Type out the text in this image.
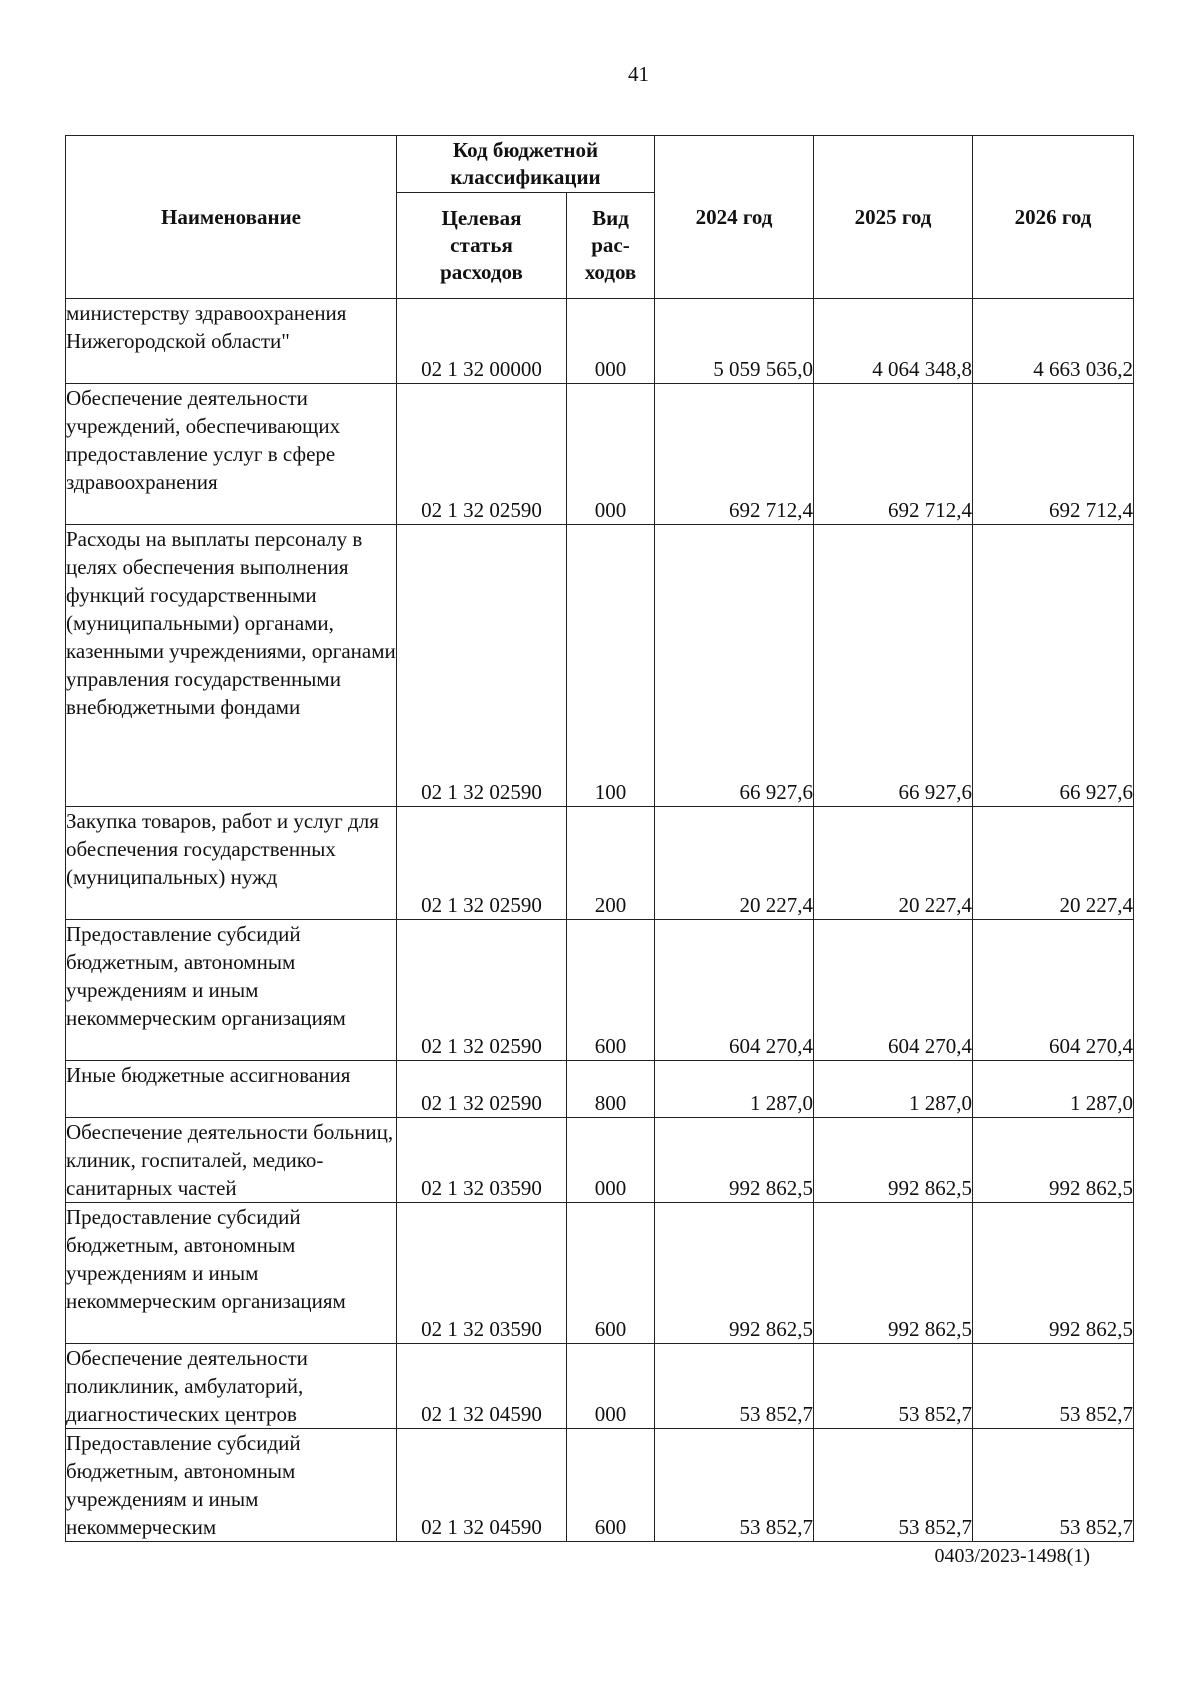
41
Наименование	Код бюджетной классификации		2024 год	2025 год	2026 год
	Целевая статья расходов	Вид рас-ходов			
министерству здравоохранения Нижегородской области"	02 1 32 00000	000	5 059 565,0	4 064 348,8	4 663 036,2
Обеспечение деятельности учреждений, обеспечивающих предоставление услуг в сфере здравоохранения	02 1 32 02590	000	692 712,4	692 712,4	692 712,4
Расходы на выплаты персоналу в целях обеспечения выполнения функций государственными (муниципальными) органами, казенными учреждениями, органами управления государственными внебюджетными фондами	02 1 32 02590	100	66 927,6	66 927,6	66 927,6
Закупка товаров, работ и услуг для обеспечения государственных (муниципальных) нужд	02 1 32 02590	200	20 227,4	20 227,4	20 227,4
Предоставление субсидий бюджетным, автономным учреждениям и иным некоммерческим организациям	02 1 32 02590	600	604 270,4	604 270,4	604 270,4
Иные бюджетные ассигнования	02 1 32 02590	800	1 287,0	1 287,0	1 287,0
Обеспечение деятельности больниц, клиник, госпиталей, медико-санитарных частей	02 1 32 03590	000	992 862,5	992 862,5	992 862,5
Предоставление субсидий бюджетным, автономным учреждениям и иным некоммерческим организациям	02 1 32 03590	600	992 862,5	992 862,5	992 862,5
Обеспечение деятельности поликлиник, амбулаторий, диагностических центров	02 1 32 04590	000	53 852,7	53 852,7	53 852,7
Предоставление субсидий бюджетным, автономным учреждениям и иным некоммерческим	02 1 32 04590	600	53 852,7	53 852,7	53 852,7
0403/2023-1498(1)
